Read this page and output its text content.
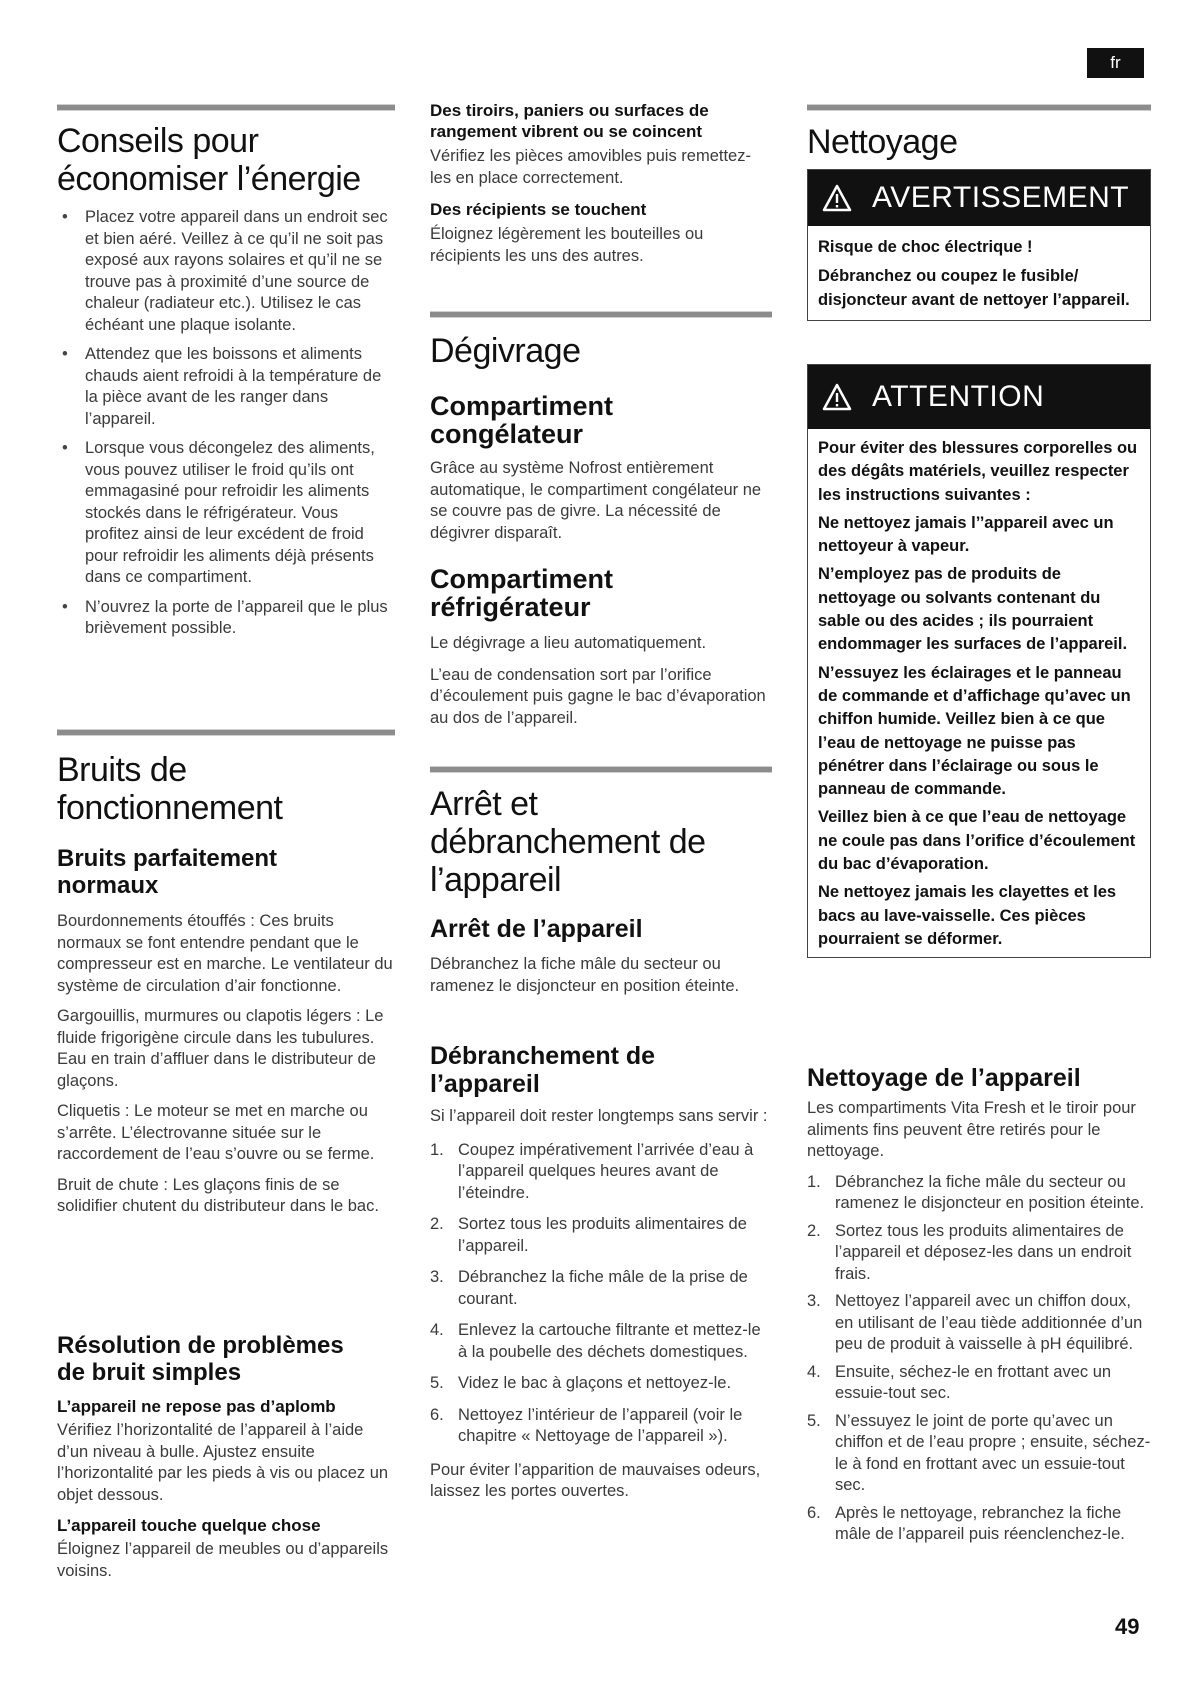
fr
49
Conseils pour
économiser l’énergie
• Placez votre appareil dans un endroit sec et bien aéré. Veillez à ce qu’il ne soit pas exposé aux rayons solaires et qu’il ne se trouve pas à proximité d’une source de chaleur (radiateur etc.). Utilisez le cas échéant une plaque isolante.
• Attendez que les boissons et aliments chauds aient refroidi à la température de la pièce avant de les ranger dans l’appareil.
• Lorsque vous décongelez des aliments, vous pouvez utiliser le froid qu’ils ont emmagasiné pour refroidir les aliments stockés dans le réfrigérateur. Vous profitez ainsi de leur excédent de froid pour refroidir les aliments déjà présents dans ce compartiment.
• N’ouvrez la porte de l’appareil que le plus brièvement possible.
Bruits de
fonctionnement
Bruits parfaitement
normaux

Bourdonnements étouffés : Ces bruits normaux se font entendre pendant que le compresseur est en marche. Le ventilateur du système de circulation d’air fonctionne.

Gargouillis, murmures ou clapotis légers : Le fluide frigorigène circule dans les tubulures. Eau en train d’affluer dans le distributeur de glaçons.

Cliquetis : Le moteur se met en marche ou s’arrête. L’électrovanne située sur le raccordement de l’eau s’ouvre ou se ferme.

Bruit de chute : Les glaçons finis de se solidifier chutent du distributeur dans le bac.

Résolution de problèmes
de bruit simples

L’appareil ne repose pas d’aplomb

Vérifiez l’horizontalité de l’appareil à l’aide d’un niveau à bulle. Ajustez ensuite l’horizontalité par les pieds à vis ou placez un objet dessous.

L’appareil touche quelque chose

Éloignez l’appareil de meubles ou d’appareils voisins.

Des tiroirs, paniers ou surfaces de rangement vibrent ou se coincent

Vérifiez les pièces amovibles puis remettez-les en place correctement.

Des récipients se touchent

Éloignez légèrement les bouteilles ou récipients les uns des autres.

Dégivrage
Compartiment
congélateur

Grâce au système Nofrost entièrement automatique, le compartiment congélateur ne se couvre pas de givre. La nécessité de dégivrer disparaît.

Compartiment
réfrigérateur

Le dégivrage a lieu automatiquement.

L’eau de condensation sort par l’orifice d’écoulement puis gagne le bac d’évaporation au dos de l’appareil.

Arrêt et
débranchement de
l’appareil
Arrêt de l’appareil

Débranchez la fiche mâle du secteur ou ramenez le disjoncteur en position éteinte.

Débranchement de
l’appareil

Si l’appareil doit rester longtemps sans servir :

1. Coupez impérativement l’arrivée d’eau à l’appareil quelques heures avant de l’éteindre.
2. Sortez tous les produits alimentaires de l’appareil.
3. Débranchez la fiche mâle de la prise de courant.
4. Enlevez la cartouche filtrante et mettez-le à la poubelle des déchets domestiques.
5. Videz le bac à glaçons et nettoyez-le.
6. Nettoyez l’intérieur de l’appareil (voir le chapitre « Nettoyage de l’appareil »).

Pour éviter l’apparition de mauvaises odeurs, laissez les portes ouvertes.

Nettoyage
AVERTISSEMENT

Risque de choc électrique !

Débranchez ou coupez le fusible/ disjoncteur avant de nettoyer l’appareil.

ATTENTION

Pour éviter des blessures corporelles ou des dégâts matériels, veuillez respecter les instructions suivantes :

Ne nettoyez jamais l’’appareil avec un nettoyeur à vapeur.

N’employez pas de produits de nettoyage ou solvants contenant du sable ou des acides ; ils pourraient endommager les surfaces de l’appareil.

N’essuyez les éclairages et le panneau de commande et d’affichage qu’avec un chiffon humide. Veillez bien à ce que l’eau de nettoyage ne puisse pas pénétrer dans l’éclairage ou sous le panneau de commande.

Veillez bien à ce que l’eau de nettoyage ne coule pas dans l’orifice d’écoulement du bac d’évaporation.

Ne nettoyez jamais les clayettes et les bacs au lave-vaisselle. Ces pièces pourraient se déformer.

Nettoyage de l’appareil

Les compartiments Vita Fresh et le tiroir pour aliments fins peuvent être retirés pour le nettoyage.

1. Débranchez la fiche mâle du secteur ou ramenez le disjoncteur en position éteinte.
2. Sortez tous les produits alimentaires de l’appareil et déposez-les dans un endroit frais.
3. Nettoyez l’appareil avec un chiffon doux, en utilisant de l’eau tiède additionnée d’un peu de produit à vaisselle à pH équilibré.
4. Ensuite, séchez-le en frottant avec un essuie-tout sec.
5. N’essuyez le joint de porte qu’avec un chiffon et de l’eau propre ; ensuite, séchez-le à fond en frottant avec un essuie-tout sec.
6. Après le nettoyage, rebranchez la fiche mâle de l’appareil puis réenclenchez-le.
